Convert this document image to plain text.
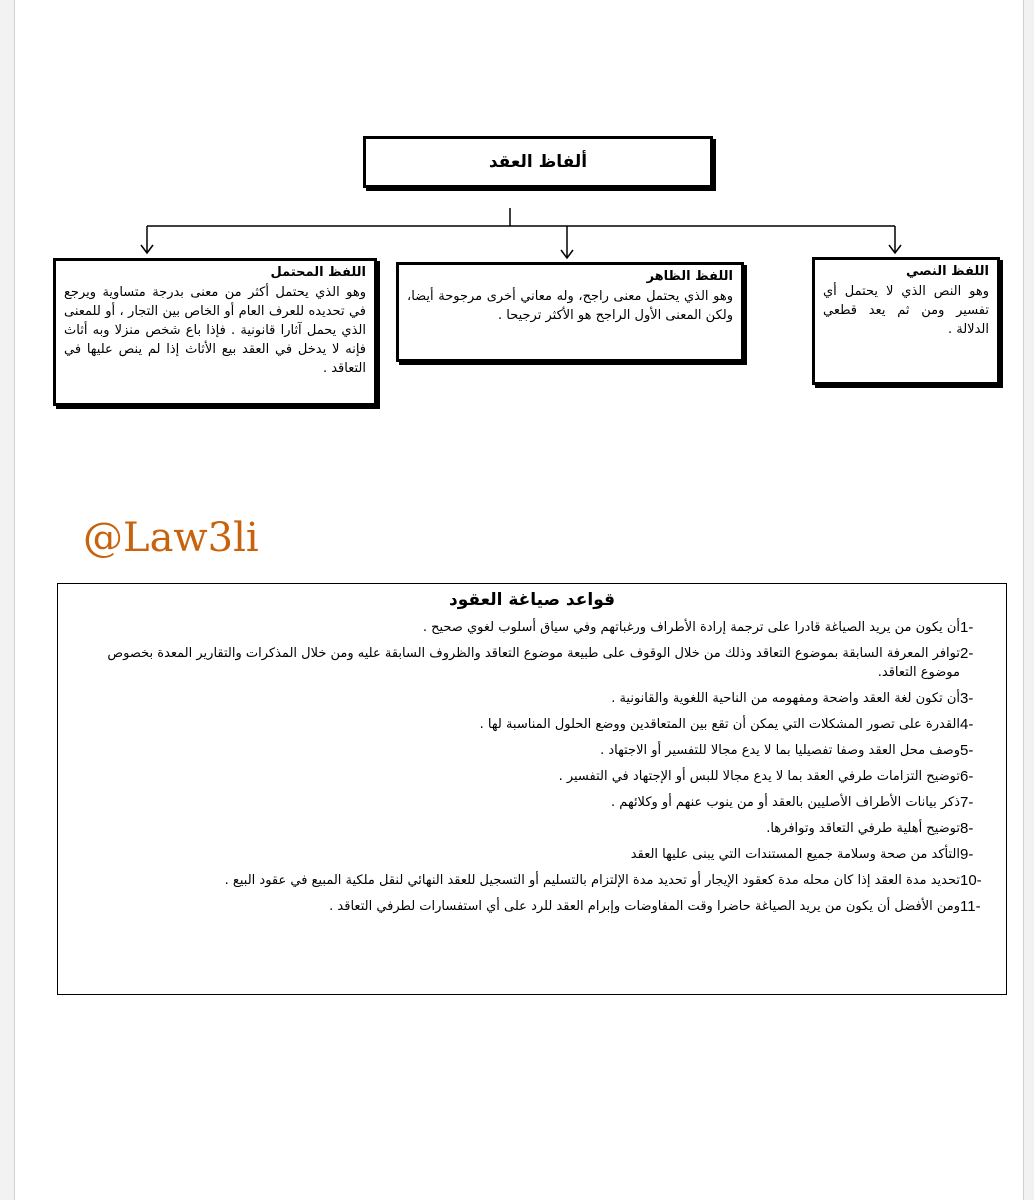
ألفاظ العقد
اللفظ النصي
وهو النص الذي لا يحتمل أي تفسير ومن ثم يعد قطعي الدلالة .
اللفظ الظاهر
وهو الذي يحتمل معنى راجح، وله معاني أخرى مرجوحة أيضا، ولكن المعنى الأول الراجح هو الأكثر ترجيحا .
اللفظ المحتمل
وهو الذي يحتمل أكثر من معنى بدرجة متساوية ويرجع في تحديده للعرف العام أو الخاص بين التجار ، أو للمعنى الذي يحمل آثارا قانونية . فإذا باع شخص منزلا وبه أثاث فإنه لا يدخل في العقد بيع الأثاث إذا لم ينص عليها في التعاقد .
@Law3li
قواعد صياغة العقود
1-
أن يكون من يريد الصياغة قادرا على ترجمة إرادة الأطراف ورغباتهم وفي سياق أسلوب لغوي صحيح .
2-
توافر المعرفة السابقة بموضوع التعاقد وذلك من خلال الوقوف على طبيعة موضوع التعاقد والظروف السابقة عليه ومن خلال المذكرات والتقارير المعدة بخصوص موضوع التعاقد.
3-
أن تكون لغة العقد واضحة ومفهومه من الناحية اللغوية والقانونية .
4-
القدرة على تصور المشكلات التي يمكن أن تقع بين المتعاقدين ووضع الحلول المناسبة لها .
5-
وصف محل العقد وصفا تفصيليا بما لا يدع مجالا للتفسير أو الاجتهاد .
6-
توضيح التزامات طرفي العقد بما لا يدع مجالا للبس أو الإجتهاد في التفسير .
7-
ذكر بيانات الأطراف الأصليين بالعقد أو من ينوب عنهم أو وكلائهم .
8-
توضيح أهلية طرفي التعاقد وتوافرها.
9-
التأكد من صحة وسلامة جميع المستندات التي يبنى عليها العقد
10-
تحديد مدة العقد إذا كان محله مدة كعقود الإيجار أو تحديد مدة الإلتزام بالتسليم أو التسجيل للعقد النهائي لنقل ملكية المبيع في عقود البيع .
11-
ومن الأفضل أن يكون من يريد الصياغة حاضرا وقت المفاوضات وإبرام العقد للرد على أي استفسارات لطرفي التعاقد .
